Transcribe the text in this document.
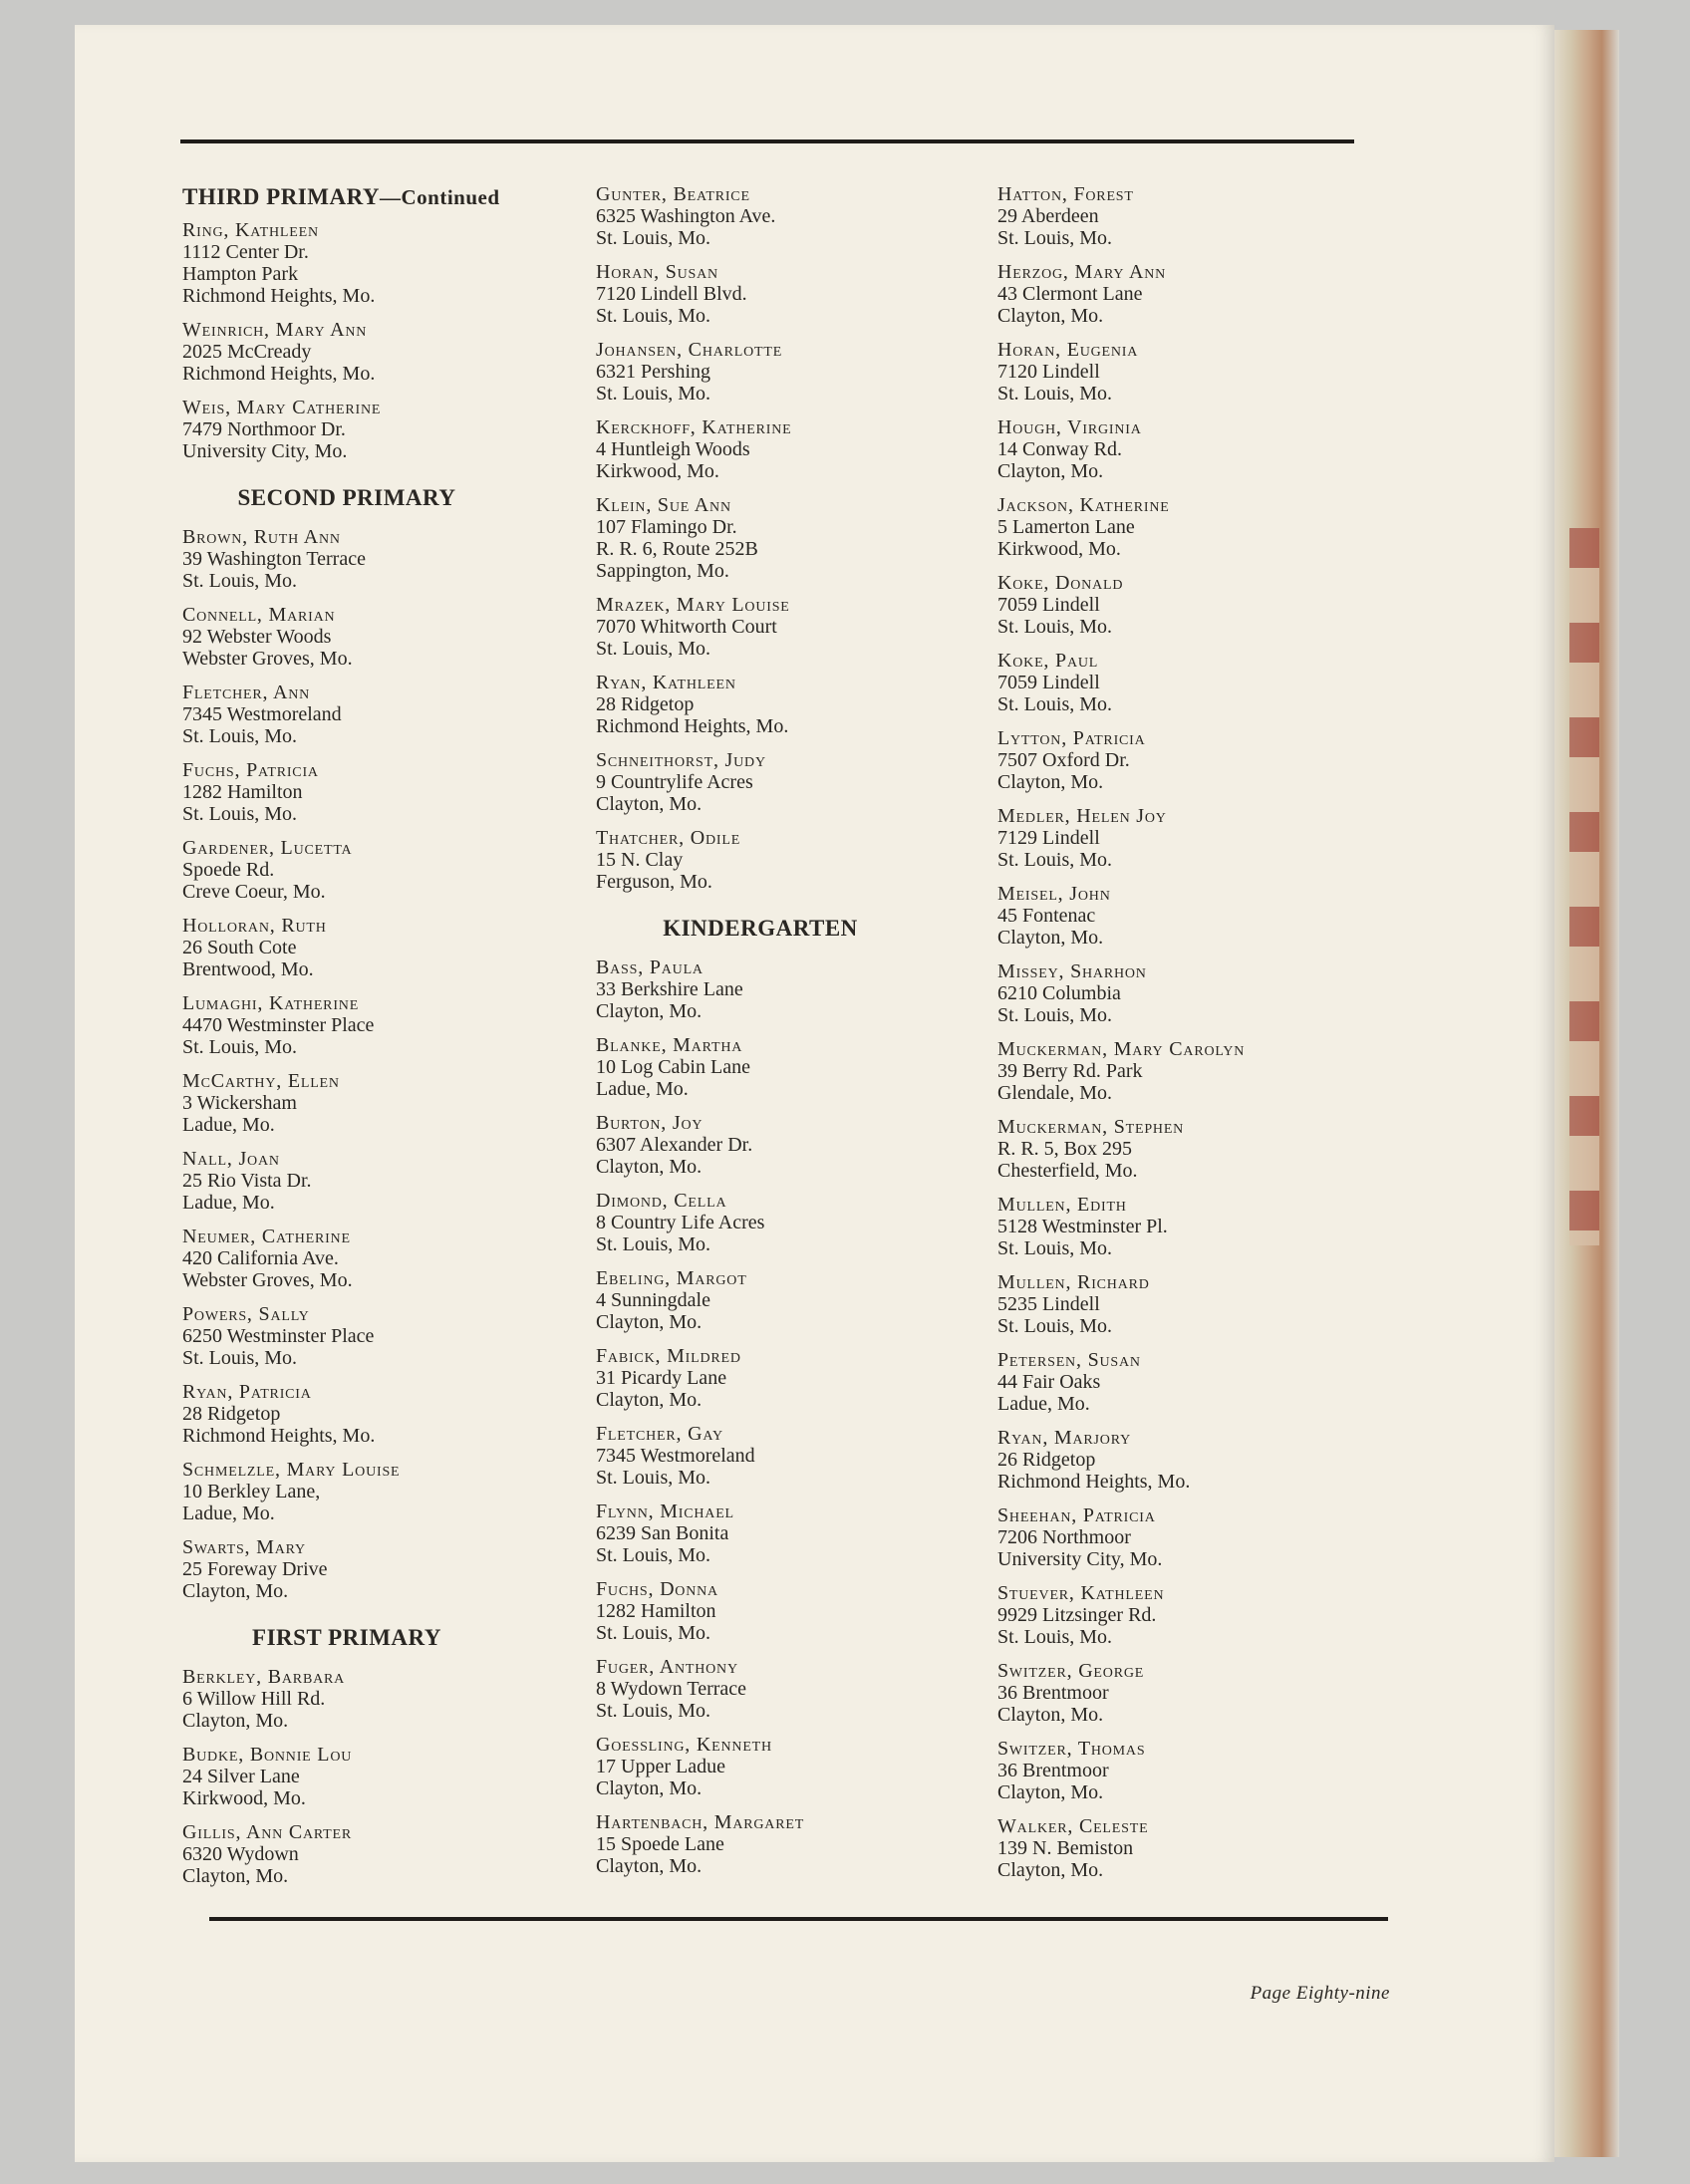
THIRD PRIMARY—Continued
Ring, Kathleen
1112 Center Dr.
Hampton Park
Richmond Heights, Mo.
Weinrich, Mary Ann
2025 McCready
Richmond Heights, Mo.
Weis, Mary Catherine
7479 Northmoor Dr.
University City, Mo.
SECOND PRIMARY
Brown, Ruth Ann
39 Washington Terrace
St. Louis, Mo.
Connell, Marian
92 Webster Woods
Webster Groves, Mo.
Fletcher, Ann
7345 Westmoreland
St. Louis, Mo.
Fuchs, Patricia
1282 Hamilton
St. Louis, Mo.
Gardener, Lucetta
Spoede Rd.
Creve Coeur, Mo.
Holloran, Ruth
26 South Cote
Brentwood, Mo.
Lumaghi, Katherine
4470 Westminster Place
St. Louis, Mo.
McCarthy, Ellen
3 Wickersham
Ladue, Mo.
Nall, Joan
25 Rio Vista Dr.
Ladue, Mo.
Neumer, Catherine
420 California Ave.
Webster Groves, Mo.
Powers, Sally
6250 Westminster Place
St. Louis, Mo.
Ryan, Patricia
28 Ridgetop
Richmond Heights, Mo.
Schmelzle, Mary Louise
10 Berkley Lane,
Ladue, Mo.
Swarts, Mary
25 Foreway Drive
Clayton, Mo.
FIRST PRIMARY
Berkley, Barbara
6 Willow Hill Rd.
Clayton, Mo.
Budke, Bonnie Lou
24 Silver Lane
Kirkwood, Mo.
Gillis, Ann Carter
6320 Wydown
Clayton, Mo.
Gunter, Beatrice
6325 Washington Ave.
St. Louis, Mo.
Horan, Susan
7120 Lindell Blvd.
St. Louis, Mo.
Johansen, Charlotte
6321 Pershing
St. Louis, Mo.
Kerckhoff, Katherine
4 Huntleigh Woods
Kirkwood, Mo.
Klein, Sue Ann
107 Flamingo Dr.
R. R. 6, Route 252B
Sappington, Mo.
Mrazek, Mary Louise
7070 Whitworth Court
St. Louis, Mo.
Ryan, Kathleen
28 Ridgetop
Richmond Heights, Mo.
Schneithorst, Judy
9 Countrylife Acres
Clayton, Mo.
Thatcher, Odile
15 N. Clay
Ferguson, Mo.
KINDERGARTEN
Bass, Paula
33 Berkshire Lane
Clayton, Mo.
Blanke, Martha
10 Log Cabin Lane
Ladue, Mo.
Burton, Joy
6307 Alexander Dr.
Clayton, Mo.
Dimond, Cella
8 Country Life Acres
St. Louis, Mo.
Ebeling, Margot
4 Sunningdale
Clayton, Mo.
Fabick, Mildred
31 Picardy Lane
Clayton, Mo.
Fletcher, Gay
7345 Westmoreland
St. Louis, Mo.
Flynn, Michael
6239 San Bonita
St. Louis, Mo.
Fuchs, Donna
1282 Hamilton
St. Louis, Mo.
Fuger, Anthony
8 Wydown Terrace
St. Louis, Mo.
Goessling, Kenneth
17 Upper Ladue
Clayton, Mo.
Hartenbach, Margaret
15 Spoede Lane
Clayton, Mo.
Hatton, Forest
29 Aberdeen
St. Louis, Mo.
Herzog, Mary Ann
43 Clermont Lane
Clayton, Mo.
Horan, Eugenia
7120 Lindell
St. Louis, Mo.
Hough, Virginia
14 Conway Rd.
Clayton, Mo.
Jackson, Katherine
5 Lamerton Lane
Kirkwood, Mo.
Koke, Donald
7059 Lindell
St. Louis, Mo.
Koke, Paul
7059 Lindell
St. Louis, Mo.
Lytton, Patricia
7507 Oxford Dr.
Clayton, Mo.
Medler, Helen Joy
7129 Lindell
St. Louis, Mo.
Meisel, John
45 Fontenac
Clayton, Mo.
Missey, Sharhon
6210 Columbia
St. Louis, Mo.
Muckerman, Mary Carolyn
39 Berry Rd. Park
Glendale, Mo.
Muckerman, Stephen
R. R. 5, Box 295
Chesterfield, Mo.
Mullen, Edith
5128 Westminster Pl.
St. Louis, Mo.
Mullen, Richard
5235 Lindell
St. Louis, Mo.
Petersen, Susan
44 Fair Oaks
Ladue, Mo.
Ryan, Marjory
26 Ridgetop
Richmond Heights, Mo.
Sheehan, Patricia
7206 Northmoor
University City, Mo.
Stuever, Kathleen
9929 Litzsinger Rd.
St. Louis, Mo.
Switzer, George
36 Brentmoor
Clayton, Mo.
Switzer, Thomas
36 Brentmoor
Clayton, Mo.
Walker, Celeste
139 N. Bemiston
Clayton, Mo.
Page Eighty-nine
